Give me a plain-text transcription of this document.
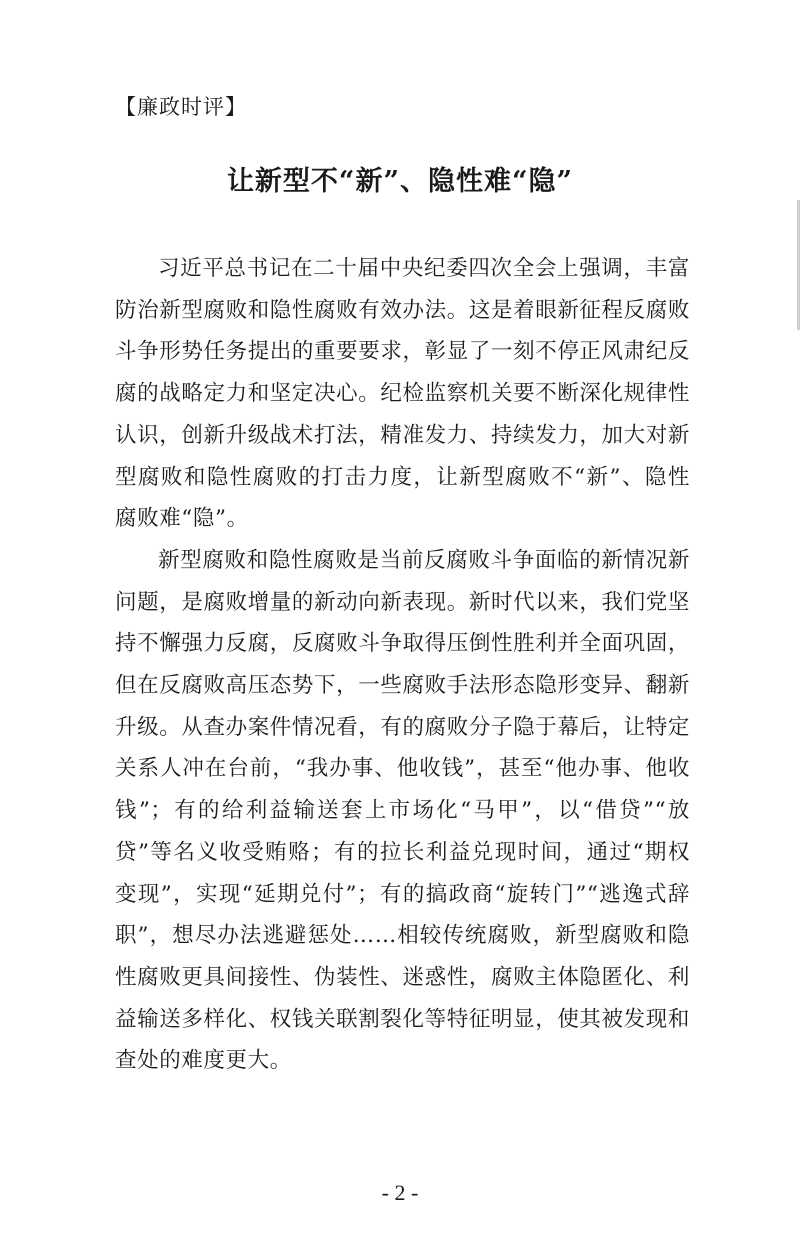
【廉政时评】
让新型不“新”、隐性难“隐”

习近平总书记在二十届中央纪委四次全会上强调，丰富防治新型腐败和隐性腐败有效办法。这是着眼新征程反腐败斗争形势任务提出的重要要求，彰显了一刻不停正风肃纪反腐的战略定力和坚定决心。纪检监察机关要不断深化规律性认识，创新升级战术打法，精准发力、持续发力，加大对新型腐败和隐性腐败的打击力度，让新型腐败不“新”、隐性腐败难“隐”。

新型腐败和隐性腐败是当前反腐败斗争面临的新情况新问题，是腐败增量的新动向新表现。新时代以来，我们党坚持不懈强力反腐，反腐败斗争取得压倒性胜利并全面巩固，但在反腐败高压态势下，一些腐败手法形态隐形变异、翻新升级。从查办案件情况看，有的腐败分子隐于幕后，让特定关系人冲在台前，“我办事、他收钱”，甚至“他办事、他收钱”；有的给利益输送套上市场化“马甲”，以“借贷”“放贷”等名义收受贿赂；有的拉长利益兑现时间，通过“期权变现”，实现“延期兑付”；有的搞政商“旋转门”“逃逸式辞职”，想尽办法逃避惩处……相较传统腐败，新型腐败和隐性腐败更具间接性、伪装性、迷惑性，腐败主体隐匿化、利益输送多样化、权钱关联割裂化等特征明显，使其被发现和查处的难度更大。

- 2 -
